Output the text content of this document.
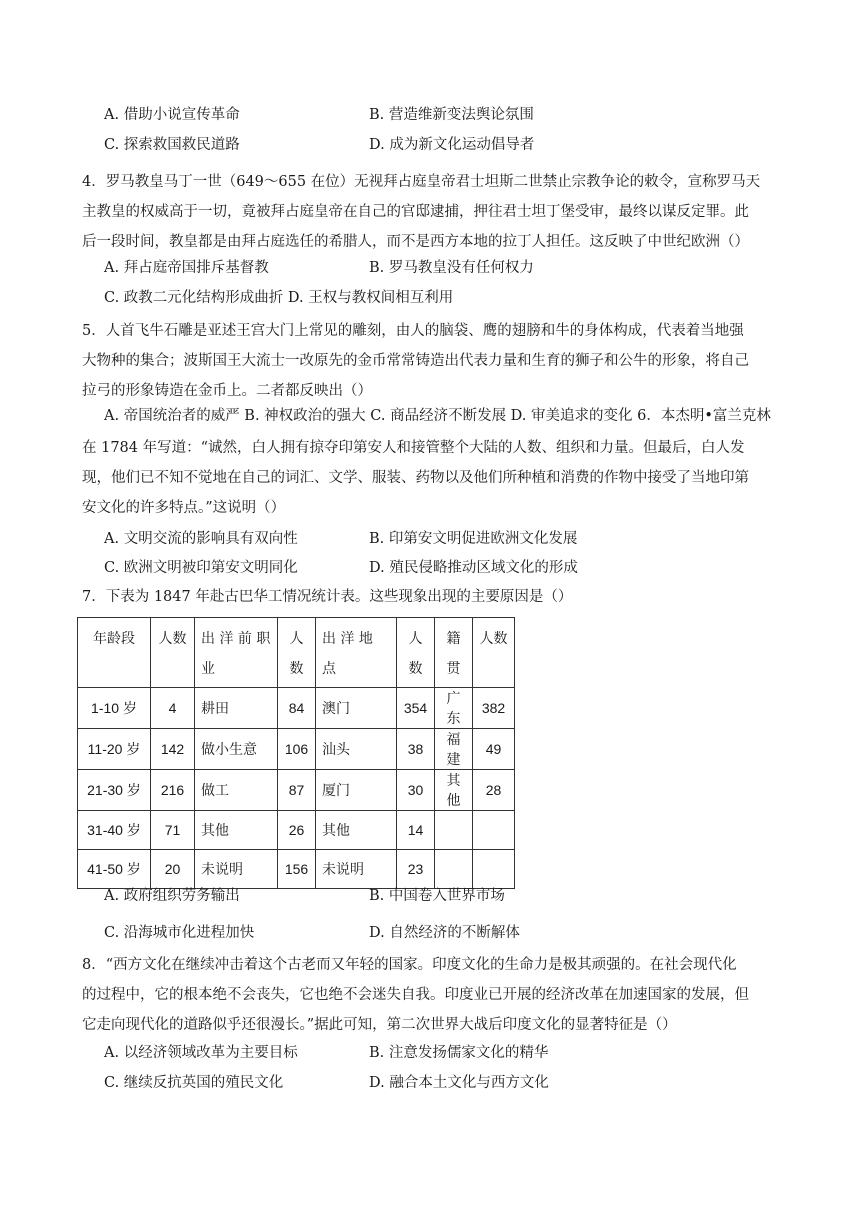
A. 借助小说宣传革命	B. 营造维新变法舆论氛围
C. 探索救国救民道路	D. 成为新文化运动倡导者
4．罗马教皇马丁一世（649～655 在位）无视拜占庭皇帝君士坦斯二世禁止宗教争论的敕令，宣称罗马天
主教皇的权威高于一切，竟被拜占庭皇帝在自己的官邸逮捕，押往君士坦丁堡受审，最终以谋反定罪。此
后一段时间，教皇都是由拜占庭选任的希腊人，而不是西方本地的拉丁人担任。这反映了中世纪欧洲（）
A. 拜占庭帝国排斥基督教	B. 罗马教皇没有任何权力
C. 政教二元化结构形成曲折 D. 王权与教权间相互利用
5．人首飞牛石雕是亚述王宫大门上常见的雕刻，由人的脑袋、鹰的翅膀和牛的身体构成，代表着当地强
大物种的集合；波斯国王大流士一改原先的金币常常铸造出代表力量和生育的狮子和公牛的形象，将自己
拉弓的形象铸造在金币上。二者都反映出（）
A. 帝国统治者的威严 B. 神权政治的强大 C. 商品经济不断发展 D. 审美追求的变化 6．本杰明•富兰克林
在 1784 年写道：“诚然，白人拥有掠夺印第安人和接管整个大陆的人数、组织和力量。但最后，白人发
现，他们已不知不觉地在自己的词汇、文学、服装、药物以及他们所种植和消费的作物中接受了当地印第
安文化的许多特点。”这说明（）
A. 文明交流的影响具有双向性	B. 印第安文明促进欧洲文化发展
C. 欧洲文明被印第安文明同化	D. 殖民侵略推动区域文化的形成
7．下表为 1847 年赴古巴华工情况统计表。这些现象出现的主要原因是（）
年龄段	人数	出 洋 前 职 业	人数	出 洋 地 点	人数	籍贯	人数
1-10 岁	4	耕田	84	澳门	354	广东	382
11-20 岁	142	做小生意	106	汕头	38	福建	49
21-30 岁	216	做工	87	厦门	30	其他	28
31-40 岁	71	其他	26	其他	14		
41-50 岁	20	未说明	156	未说明	23		
A. 政府组织劳务输出	B. 中国卷入世界市场
C. 沿海城市化进程加快	D. 自然经济的不断解体
8．“西方文化在继续冲击着这个古老而又年轻的国家。印度文化的生命力是极其顽强的。在社会现代化
的过程中，它的根本绝不会丧失，它也绝不会迷失自我。印度业已开展的经济改革在加速国家的发展，但
它走向现代化的道路似乎还很漫长。”据此可知，第二次世界大战后印度文化的显著特征是（）
A. 以经济领域改革为主要目标	B. 注意发扬儒家文化的精华
C. 继续反抗英国的殖民文化	D. 融合本土文化与西方文化
